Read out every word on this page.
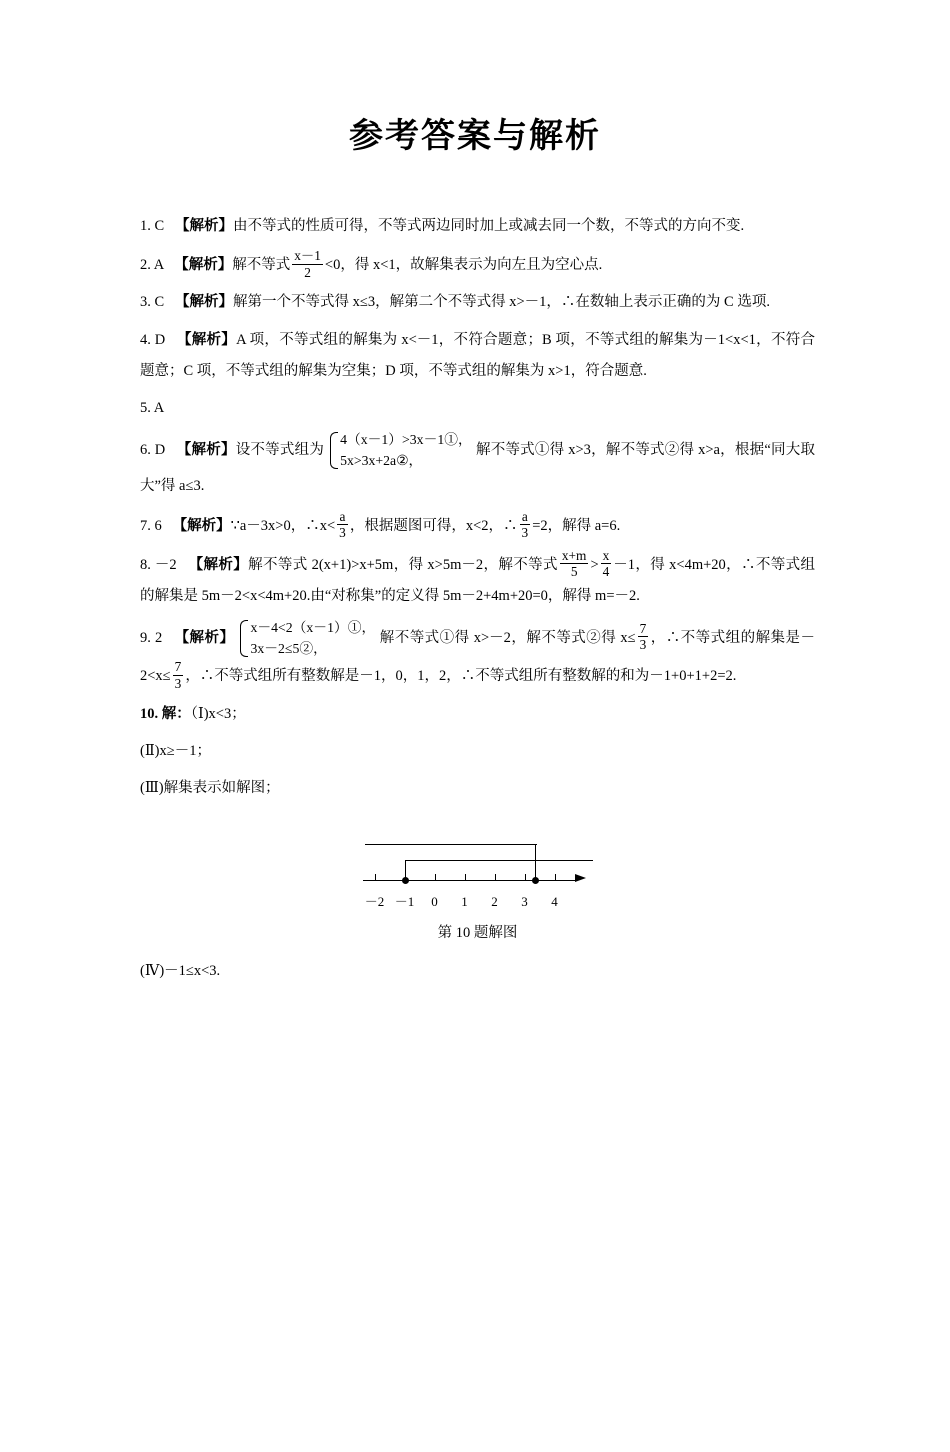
参考答案与解析
1. C 【解析】由不等式的性质可得，不等式两边同时加上或减去同一个数，不等式的方向不变.
2. A 【解析】解不等式 $\frac{x-1}{2} <0$，得 x<1，故解集表示为向左且为空心点.
3. C 【解析】解第一个不等式得 x≤3，解第二个不等式得 x>－1，∴在数轴上表示正确的为 C 选项.
4. D 【解析】A 项，不等式组的解集为 x<－1，不符合题意；B 项，不等式组的解集为－1<x<1，不符合题意；C 项，不等式组的解集为空集；D 项，不等式组的解集为 x>1，符合题意.
5. A
6. D 【解析】设不等式组为
4（x－1）>3x－1①，
5x>3x+2a②，
解不等式①得 x>3，解不等式②得 x>a，根据“同大取大”得 a≤3.
7. 6 【解析】∵a－3x>0，∴x< $\frac{a}{3}$ ，根据题图可得，x<2，∴ $\frac{a}{3} =2$，解得 a=6.
8. －2 【解析】解不等式 2(x+1)>x+5m，得 x>5m－2，解不等式 $\frac{x+m}{5} > \frac{x}{4} -1$，得 x<4m+20，∴不等式组的解集是 5m－2<x<4m+20.由“对称集”的定义得 5m－2+4m+20=0，解得 m=－2.
9. 2 【解析】
x－4<2（x－1）①，
3x－2≤5②，
解不等式①得 x>－2，解不等式②得 $x\le \frac{7}{3}$ ，∴不等式组的解集是$-2<x\le \frac{7}{3}$ ，∴不等式组所有整数解是－1，0，1，2，∴不等式组所有整数解的和为－1+0+1+2=2.
10. 解：（Ⅰ)x<3；
(Ⅱ)x≥－1；
(Ⅲ)解集表示如解图；
－2 －1 0 1 2 3 4
第 10 题解图
(Ⅳ)－1≤x<3.
